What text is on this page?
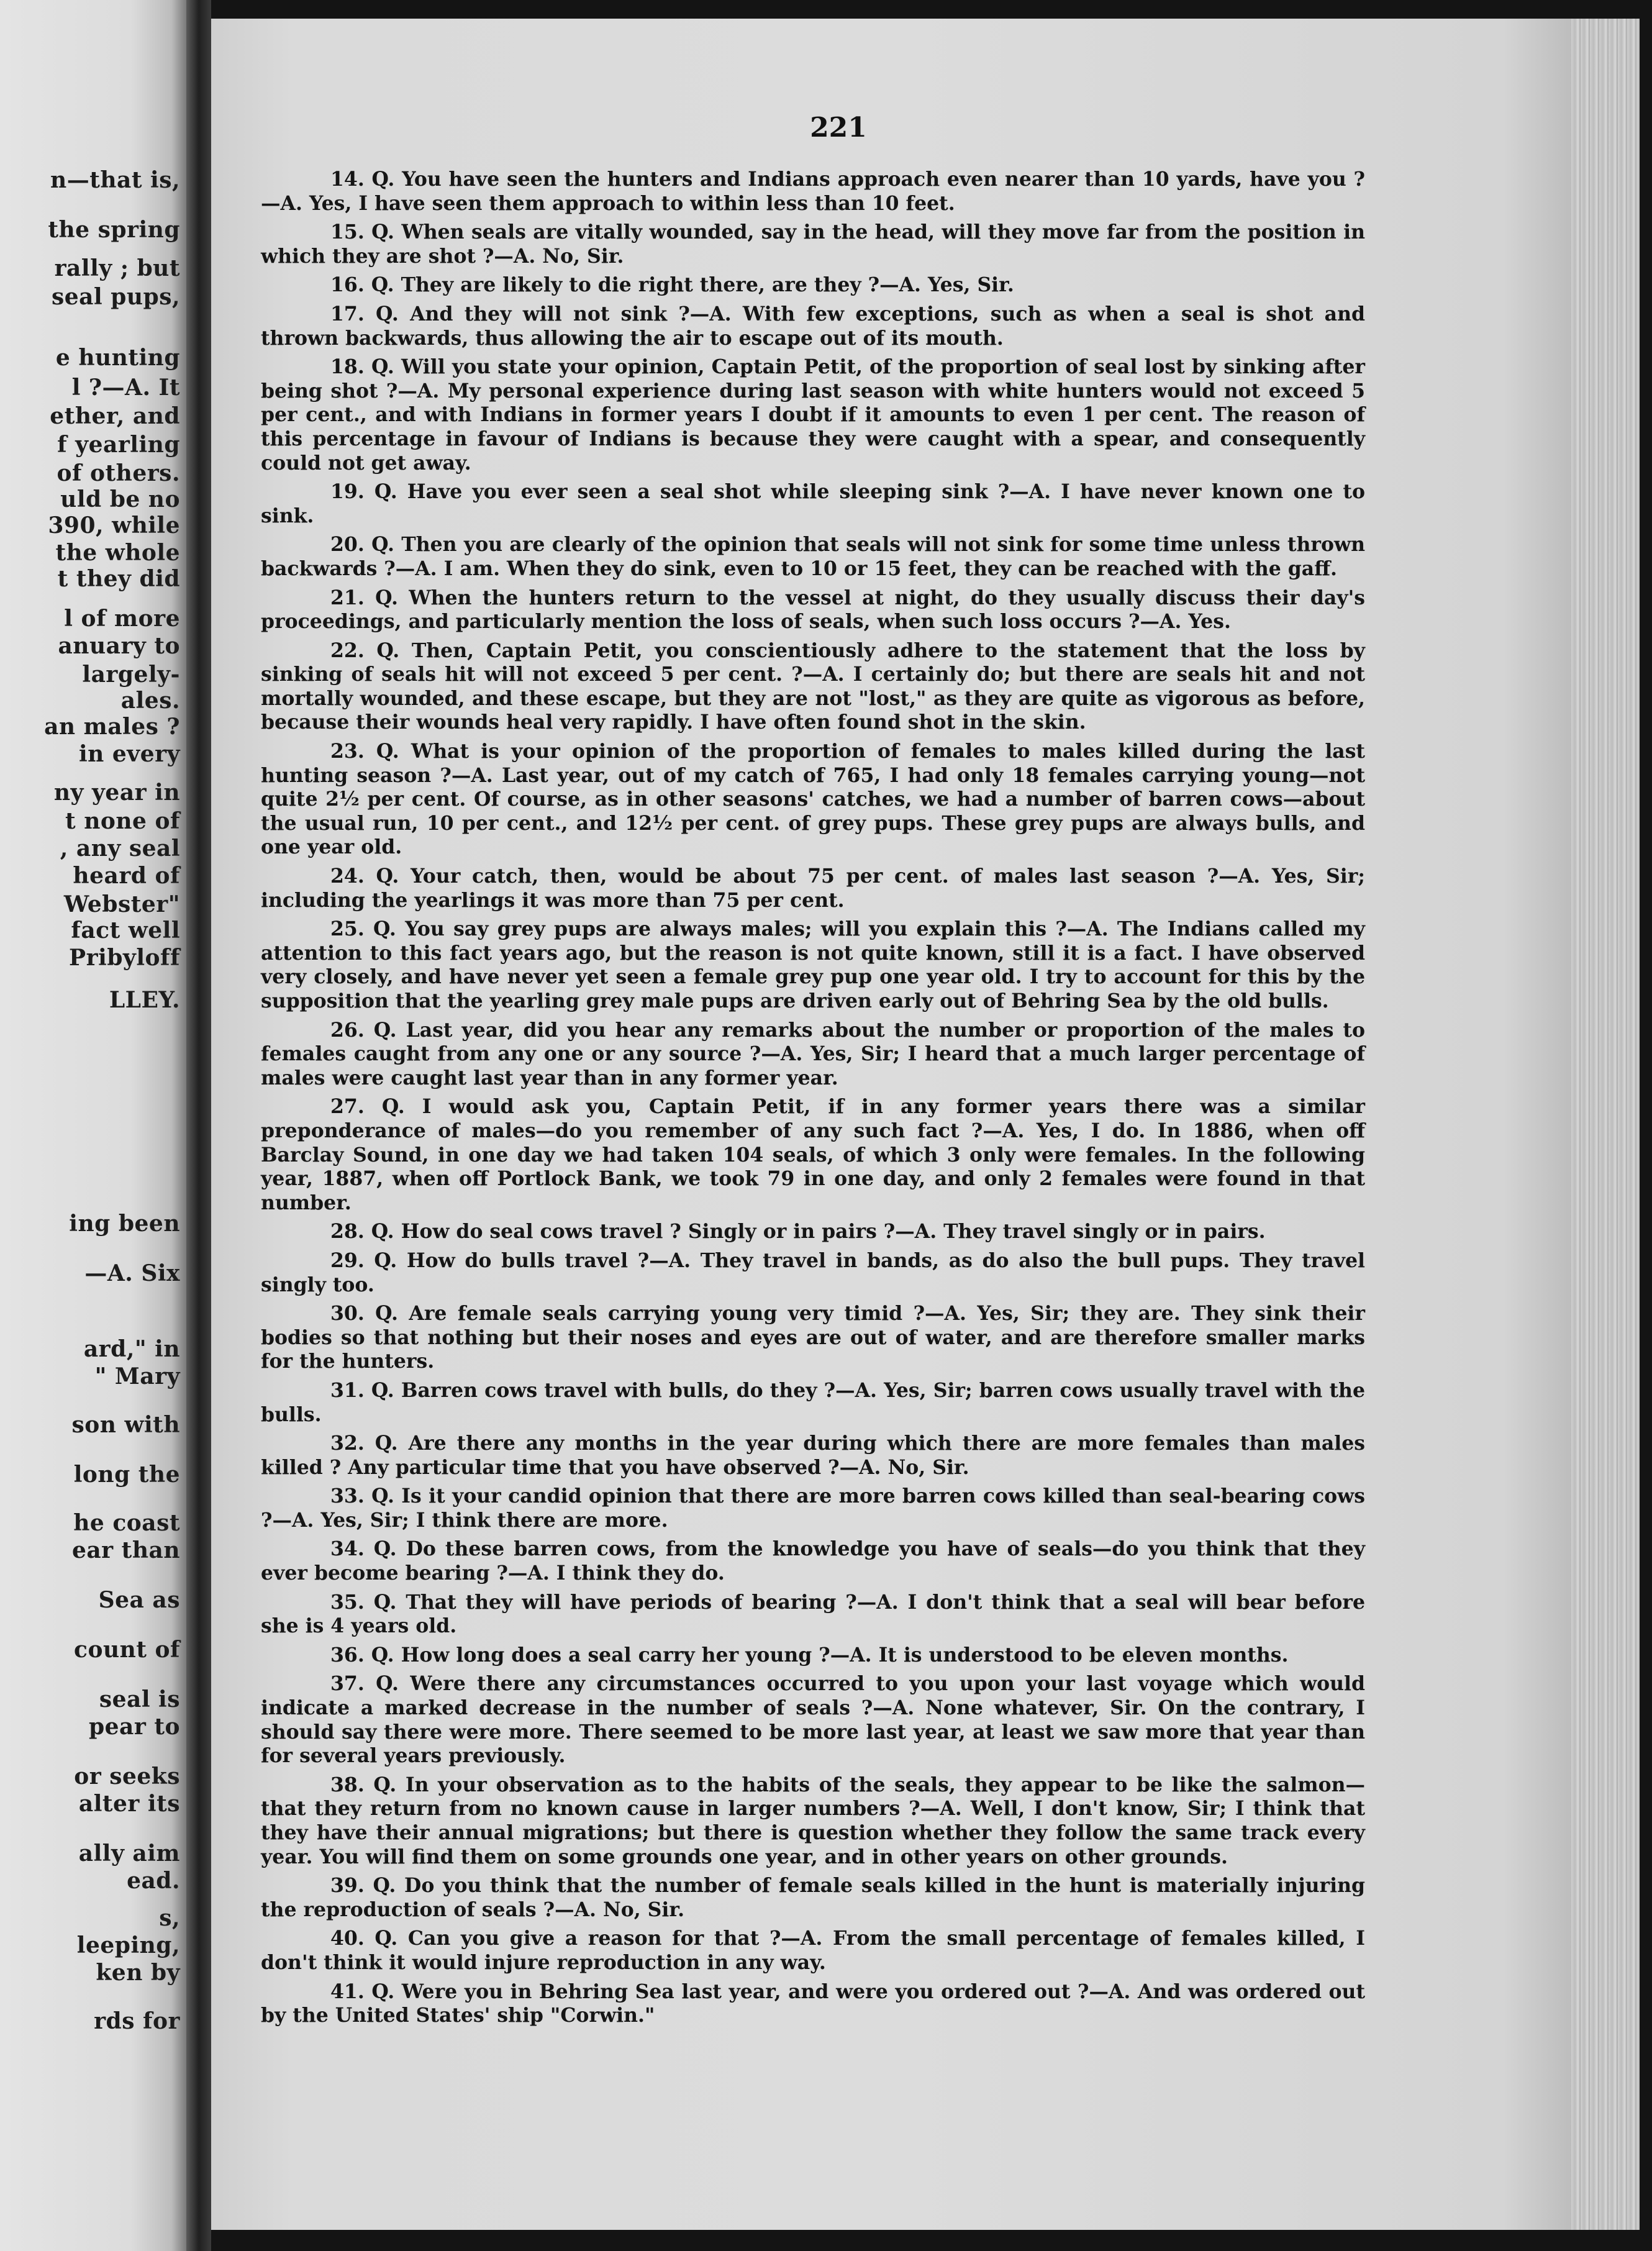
n—that is,
the spring
rally ; but
seal pups,
e hunting
l ?—A. It
ether, and
f yearling
of others.
uld be no
390, while
the whole
t they did
l of more
anuary to
largely-
ales.
an males ?
in every
ny year in
t none of
, any seal
heard of
Webster"
fact well
Pribyloff
LLEY.
ing been
—A. Six
ard," in
" Mary
son with
long the
he coast
ear than
Sea as
count of
seal is
pear to
or seeks
alter its
ally aim
ead.
s,
leeping,
ken by
rds for
221

14. Q. You have seen the hunters and Indians approach even nearer than 10 yards, have you ?—A. Yes, I have seen them approach to within less than 10 feet.

15. Q. When seals are vitally wounded, say in the head, will they move far from the position in which they are shot ?—A. No, Sir.

16. Q. They are likely to die right there, are they ?—A. Yes, Sir.

17. Q. And they will not sink ?—A. With few exceptions, such as when a seal is shot and thrown backwards, thus allowing the air to escape out of its mouth.

18. Q. Will you state your opinion, Captain Petit, of the proportion of seal lost by sinking after being shot ?—A. My personal experience during last season with white hunters would not exceed 5 per cent., and with Indians in former years I doubt if it amounts to even 1 per cent. The reason of this percentage in favour of Indians is because they were caught with a spear, and consequently could not get away.

19. Q. Have you ever seen a seal shot while sleeping sink ?—A. I have never known one to sink.

20. Q. Then you are clearly of the opinion that seals will not sink for some time unless thrown backwards ?—A. I am. When they do sink, even to 10 or 15 feet, they can be reached with the gaff.

21. Q. When the hunters return to the vessel at night, do they usually discuss their day's proceedings, and particularly mention the loss of seals, when such loss occurs ?—A. Yes.

22. Q. Then, Captain Petit, you conscientiously adhere to the statement that the loss by sinking of seals hit will not exceed 5 per cent. ?—A. I certainly do; but there are seals hit and not mortally wounded, and these escape, but they are not "lost," as they are quite as vigorous as before, because their wounds heal very rapidly. I have often found shot in the skin.

23. Q. What is your opinion of the proportion of females to males killed during the last hunting season ?—A. Last year, out of my catch of 765, I had only 18 females carrying young—not quite 2½ per cent. Of course, as in other seasons' catches, we had a number of barren cows—about the usual run, 10 per cent., and 12½ per cent. of grey pups. These grey pups are always bulls, and one year old.

24. Q. Your catch, then, would be about 75 per cent. of males last season ?—A. Yes, Sir; including the yearlings it was more than 75 per cent.

25. Q. You say grey pups are always males; will you explain this ?—A. The Indians called my attention to this fact years ago, but the reason is not quite known, still it is a fact. I have observed very closely, and have never yet seen a female grey pup one year old. I try to account for this by the supposition that the yearling grey male pups are driven early out of Behring Sea by the old bulls.

26. Q. Last year, did you hear any remarks about the number or proportion of the males to females caught from any one or any source ?—A. Yes, Sir; I heard that a much larger percentage of males were caught last year than in any former year.

27. Q. I would ask you, Captain Petit, if in any former years there was a similar preponderance of males—do you remember of any such fact ?—A. Yes, I do. In 1886, when off Barclay Sound, in one day we had taken 104 seals, of which 3 only were females. In the following year, 1887, when off Portlock Bank, we took 79 in one day, and only 2 females were found in that number.

28. Q. How do seal cows travel ? Singly or in pairs ?—A. They travel singly or in pairs.

29. Q. How do bulls travel ?—A. They travel in bands, as do also the bull pups. They travel singly too.

30. Q. Are female seals carrying young very timid ?—A. Yes, Sir; they are. They sink their bodies so that nothing but their noses and eyes are out of water, and are therefore smaller marks for the hunters.

31. Q. Barren cows travel with bulls, do they ?—A. Yes, Sir; barren cows usually travel with the bulls.

32. Q. Are there any months in the year during which there are more females than males killed ? Any particular time that you have observed ?—A. No, Sir.

33. Q. Is it your candid opinion that there are more barren cows killed than seal-bearing cows ?—A. Yes, Sir; I think there are more.

34. Q. Do these barren cows, from the knowledge you have of seals—do you think that they ever become bearing ?—A. I think they do.

35. Q. That they will have periods of bearing ?—A. I don't think that a seal will bear before she is 4 years old.

36. Q. How long does a seal carry her young ?—A. It is understood to be eleven months.

37. Q. Were there any circumstances occurred to you upon your last voyage which would indicate a marked decrease in the number of seals ?—A. None whatever, Sir. On the contrary, I should say there were more. There seemed to be more last year, at least we saw more that year than for several years previously.

38. Q. In your observation as to the habits of the seals, they appear to be like the salmon—that they return from no known cause in larger numbers ?—A. Well, I don't know, Sir; I think that they have their annual migrations; but there is question whether they follow the same track every year. You will find them on some grounds one year, and in other years on other grounds.

39. Q. Do you think that the number of female seals killed in the hunt is materially injuring the reproduction of seals ?—A. No, Sir.

40. Q. Can you give a reason for that ?—A. From the small percentage of females killed, I don't think it would injure reproduction in any way.

41. Q. Were you in Behring Sea last year, and were you ordered out ?—A. And was ordered out by the United States' ship "Corwin."
